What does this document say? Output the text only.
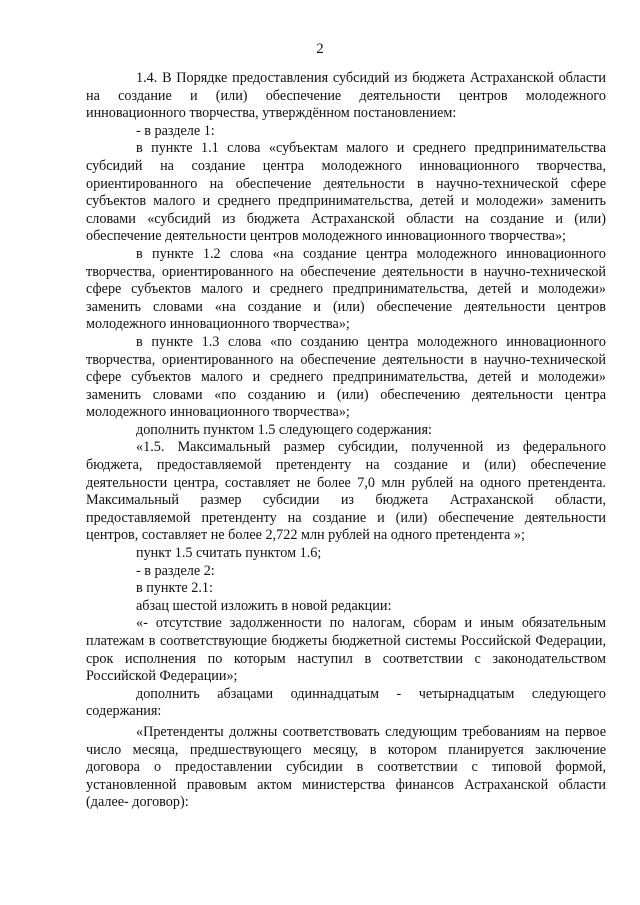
2

1.4. В Порядке предоставления субсидий из бюджета Астраханской области на создание и (или) обеспечение деятельности центров молодежного инновационного творчества, утверждённом постановлением:

- в разделе 1:

в пункте 1.1 слова «субъектам малого и среднего предпринимательства субсидий на создание центра молодежного инновационного творчества, ориентированного на обеспечение деятельности в научно-технической сфере субъектов малого и среднего предпринимательства, детей и молодежи» заменить словами «субсидий из бюджета Астраханской области на создание и (или) обеспечение деятельности центров молодежного инновационного творчества»;

в пункте 1.2 слова «на создание центра молодежного инновационного творчества, ориентированного на обеспечение деятельности в научно-технической сфере субъектов малого и среднего предпринимательства, детей и молодежи» заменить словами «на создание и (или) обеспечение деятельности центров молодежного инновационного творчества»;

в пункте 1.3 слова «по созданию центра молодежного инновационного творчества, ориентированного на обеспечение деятельности в научно-технической сфере субъектов малого и среднего предпринимательства, детей и молодежи» заменить словами «по созданию и (или) обеспечению деятельности центра молодежного инновационного творчества»;

дополнить пунктом 1.5 следующего содержания:

«1.5. Максимальный размер субсидии, полученной из федерального бюджета, предоставляемой претенденту на создание и (или) обеспечение деятельности центра, составляет не более 7,0 млн рублей на одного претендента. Максимальный размер субсидии из бюджета Астраханской области, предоставляемой претенденту на создание и (или) обеспечение деятельности центров, составляет не более 2,722 млн рублей на одного претендента »;

пункт 1.5 считать пунктом 1.6;

- в разделе 2:

в пункте 2.1:

абзац шестой изложить в новой редакции:

«- отсутствие задолженности по налогам, сборам и иным обязательным платежам в соответствующие бюджеты бюджетной системы Российской Федерации, срок исполнения по которым наступил в соответствии с законодательством Российской Федерации»;

дополнить абзацами одиннадцатым - четырнадцатым следующего содержания:

«Претенденты должны соответствовать следующим требованиям на первое число месяца, предшествующего месяцу, в котором планируется заключение договора о предоставлении субсидии в соответствии с типовой формой, установленной правовым актом министерства финансов Астраханской области (далее- договор):
